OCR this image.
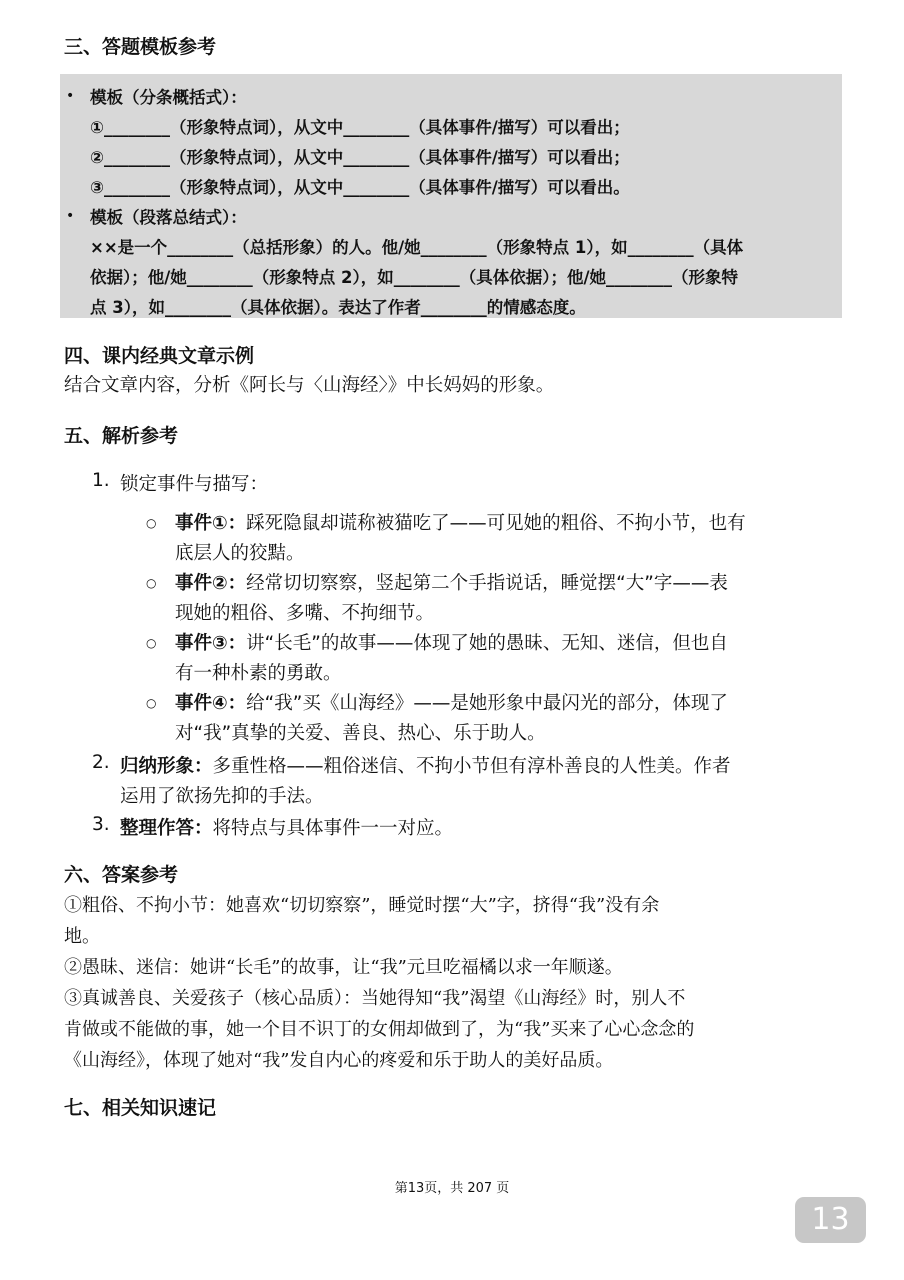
三、答题模板参考
• 模板（分条概括式）：
①________（形象特点词），从文中________（具体事件/描写）可以看出；
②________（形象特点词），从文中________（具体事件/描写）可以看出；
③________（形象特点词），从文中________（具体事件/描写）可以看出。
• 模板（段落总结式）：
××是一个________（总括形象）的人。他/她________（形象特点 1），如________（具体
依据）；他/她________（形象特点 2），如________（具体依据）；他/她________（形象特
点 3），如________（具体依据）。表达了作者________的情感态度。
四、课内经典文章示例
结合文章内容，分析《阿长与〈山海经〉》中长妈妈的形象。
五、解析参考
1. 锁定事件与描写：
○ 事件①：踩死隐鼠却谎称被猫吃了——可见她的粗俗、不拘小节，也有
底层人的狡黠。
○ 事件②：经常切切察察，竖起第二个手指说话，睡觉摆“大”字——表
现她的粗俗、多嘴、不拘细节。
○ 事件③：讲“长毛”的故事——体现了她的愚昧、无知、迷信，但也自
有一种朴素的勇敢。
○ 事件④：给“我”买《山海经》——是她形象中最闪光的部分，体现了
对“我”真挚的关爱、善良、热心、乐于助人。
2. 归纳形象：多重性格——粗俗迷信、不拘小节但有淳朴善良的人性美。作者
运用了欲扬先抑的手法。
3. 整理作答：将特点与具体事件一一对应。
六、答案参考
①粗俗、不拘小节：她喜欢“切切察察”，睡觉时摆“大”字，挤得“我”没有余
地。
②愚昧、迷信：她讲“长毛”的故事，让“我”元旦吃福橘以求一年顺遂。
③真诚善良、关爱孩子（核心品质）：当她得知“我”渴望《山海经》时，别人不
肯做或不能做的事，她一个目不识丁的女佣却做到了，为“我”买来了心心念念的
《山海经》，体现了她对“我”发自内心的疼爱和乐于助人的美好品质。
七、相关知识速记
第13页，共 207 页
13
